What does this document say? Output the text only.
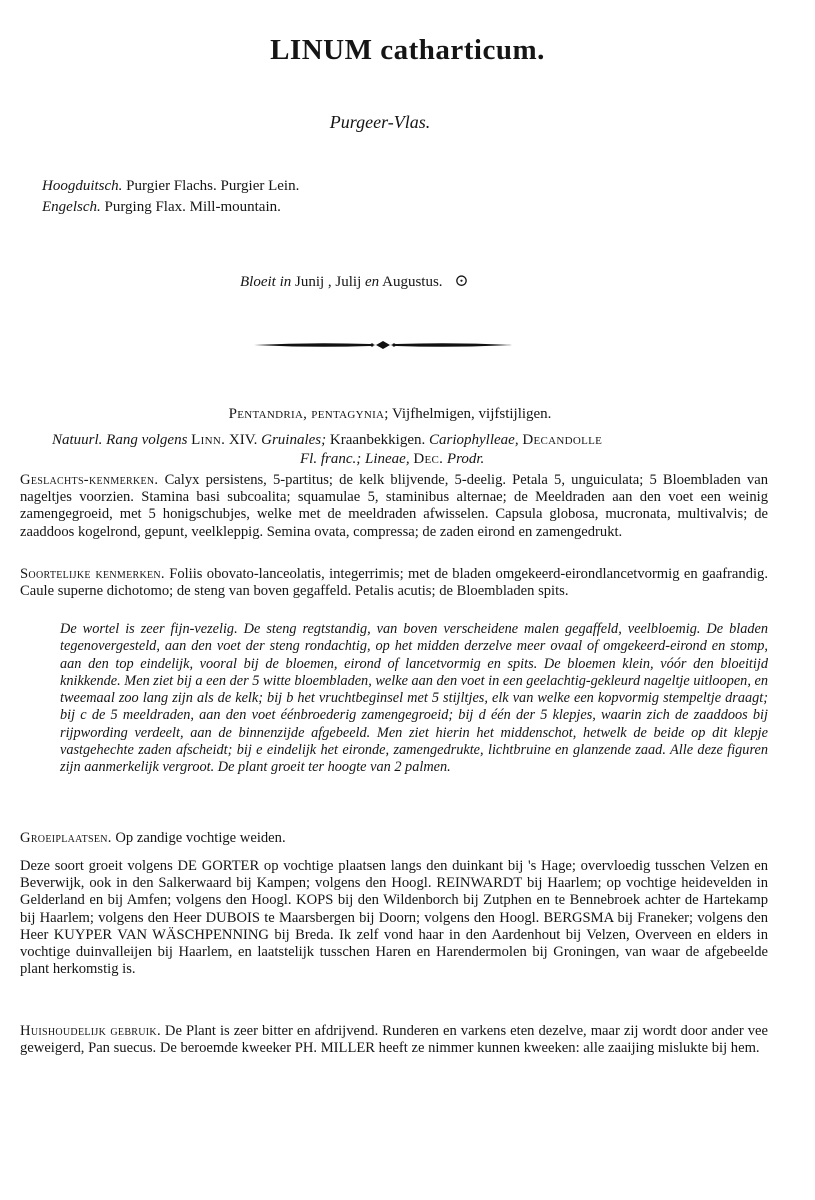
LINUM catharticum.
Purgeer-Vlas.
Hoogduitsch. Purgier Flachs. Purgier Lein.
Engelsch. Purging Flax. Mill-mountain.
Bloeit in Junij , Julij en Augustus. ⊙
Pentandria, pentagynia; Vijfhelmigen, vijfstijligen.
Natuurl. Rang volgens Linn. XIV. Gruinales; Kraanbekkigen. Cariophylleae, Decandolle
Fl. franc.; Lineae, Dec. Prodr.
Geslachts-kenmerken. Calyx persistens, 5-partitus; de kelk blijvende, 5-deelig. Petala 5, unguiculata; 5 Bloembladen van nageltjes voorzien. Stamina basi subcoalita; squamulae 5, staminibus alternae; de Meeldraden aan den voet een weinig zamengegroeid, met 5 honigschubjes, welke met de meeldraden afwisselen. Capsula globosa, mucronata, multivalvis; de zaaddoos kogelrond, gepunt, veelkleppig. Semina ovata, compressa; de zaden eirond en zamengedrukt.
Soortelijke kenmerken. Foliis obovato-lanceolatis, integerrimis; met de bladen omgekeerd-eirondlancetvormig en gaafrandig. Caule superne dichotomo; de steng van boven gegaffeld. Petalis acutis; de Bloembladen spits.
De wortel is zeer fijn-vezelig. De steng regtstandig, van boven verscheidene malen gegaffeld, veelbloemig. De bladen tegenovergesteld, aan den voet der steng rondachtig, op het midden derzelve meer ovaal of omgekeerd-eirond en stomp, aan den top eindelijk, vooral bij de bloemen, eirond of lancetvormig en spits. De bloemen klein, vóór den bloeitijd knikkende. Men ziet bij a een der 5 witte bloembladen, welke aan den voet in een geelachtig-gekleurd nageltje uitloopen, en tweemaal zoo lang zijn als de kelk; bij b het vruchtbeginsel met 5 stijltjes, elk van welke een kopvormig stempeltje draagt; bij c de 5 meeldraden, aan den voet éénbroederig zamengegroeid; bij d één der 5 klepjes, waarin zich de zaaddoos bij rijpwording verdeelt, aan de binnenzijde afgebeeld. Men ziet hierin het middenschot, hetwelk de beide op dit klepje vastgehechte zaden afscheidt; bij e eindelijk het eironde, zamengedrukte, lichtbruine en glanzende zaad. Alle deze figuren zijn aanmerkelijk vergroot. De plant groeit ter hoogte van 2 palmen.
Groeiplaatsen. Op zandige vochtige weiden.
Deze soort groeit volgens DE GORTER op vochtige plaatsen langs den duinkant bij 's Hage; overvloedig tusschen Velzen en Beverwijk, ook in den Salkerwaard bij Kampen; volgens den Hoogl. REINWARDT bij Haarlem; op vochtige heidevelden in Gelderland en bij Amfen; volgens den Hoogl. KOPS bij den Wildenborch bij Zutphen en te Bennebroek achter de Hartekamp bij Haarlem; volgens den Heer DUBOIS te Maarsbergen bij Doorn; volgens den Hoogl. BERGSMA bij Franeker; volgens den Heer KUYPER VAN WÄSCHPENNING bij Breda. Ik zelf vond haar in den Aardenhout bij Velzen, Overveen en elders in vochtige duinvalleijen bij Haarlem, en laatstelijk tusschen Haren en Harendermolen bij Groningen, van waar de afgebeelde plant herkomstig is.
Huishoudelijk gebruik. De Plant is zeer bitter en afdrijvend. Runderen en varkens eten dezelve, maar zij wordt door ander vee geweigerd, Pan suecus. De beroemde kweeker PH. MILLER heeft ze nimmer kunnen kweeken: alle zaaijing mislukte bij hem.
